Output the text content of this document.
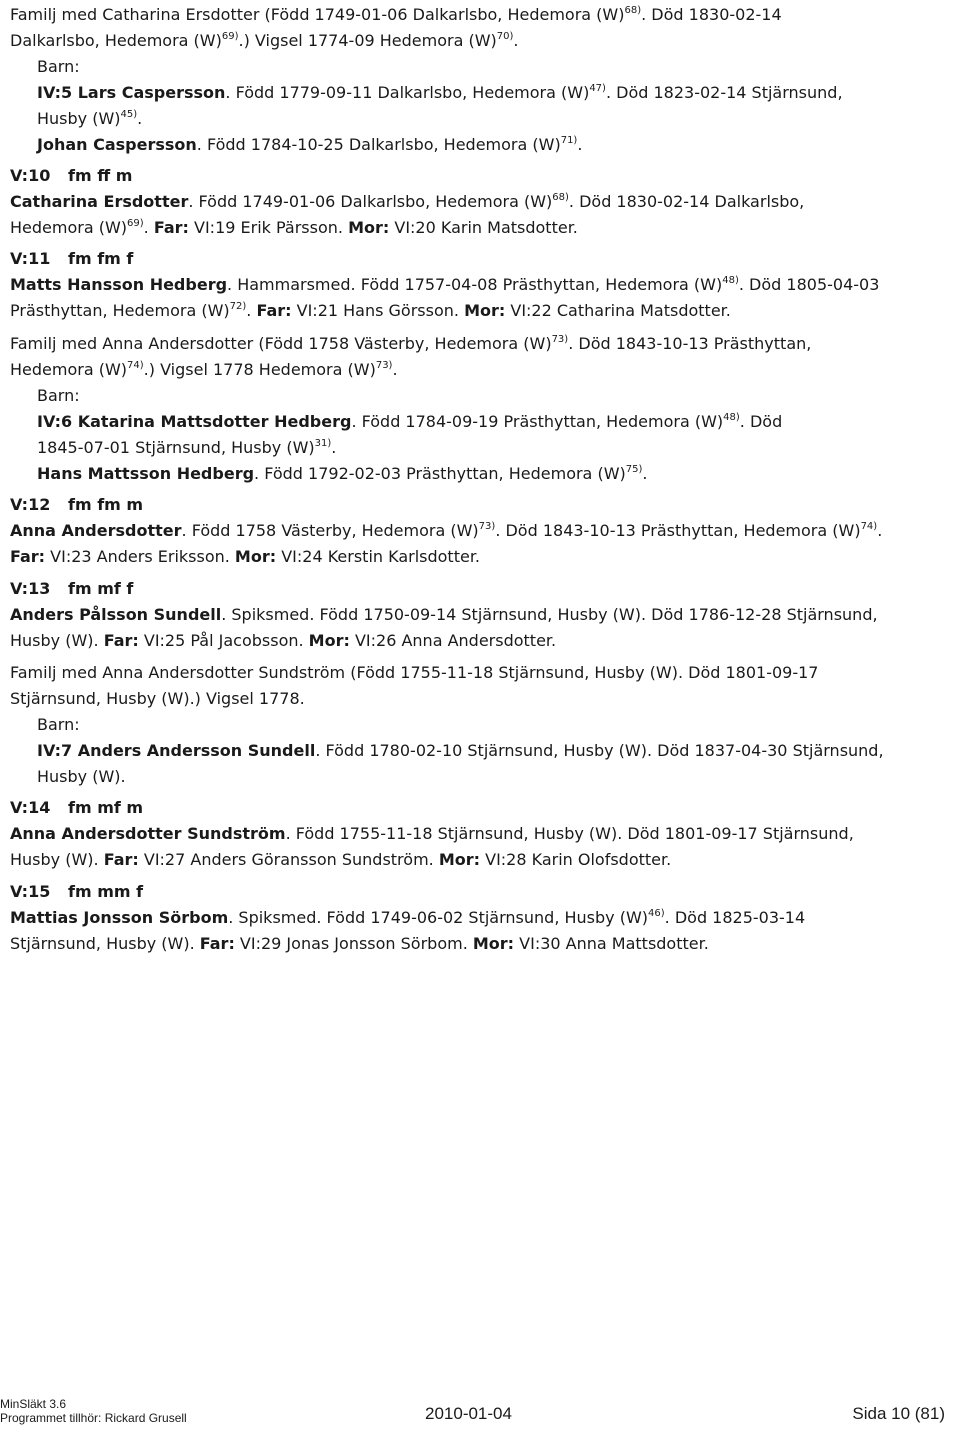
Familj med Catharina Ersdotter (Född 1749-01-06 Dalkarlsbo, Hedemora $(W)^{68)}$. Död 1830-02-14
Dalkarlsbo, Hedemora $(W)^{69)}$.) Vigsel 1774-09 Hedemora $(W)^{70)}$.
Barn:
IV:5 Lars Caspersson. Född 1779-09-11 Dalkarlsbo, Hedemora $(W)^{47)}$. Död 1823-02-14 Stjärnsund,
Husby $(W)^{45)}$.
Johan Caspersson. Född 1784-10-25 Dalkarlsbo, Hedemora $(W)^{71)}$.
V:10 fm ff m
Catharina Ersdotter. Född 1749-01-06 Dalkarlsbo, Hedemora $(W)^{68)}$. Död 1830-02-14 Dalkarlsbo,
Hedemora $(W)^{69)}$. Far: VI:19 Erik Pärsson. Mor: VI:20 Karin Matsdotter.
V:11 fm fm f
Matts Hansson Hedberg. Hammarsmed. Född 1757-04-08 Prästhyttan, Hedemora $(W)^{48)}$. Död 1805-04-03
Prästhyttan, Hedemora $(W)^{72)}$. Far: VI:21 Hans Görsson. Mor: VI:22 Catharina Matsdotter.
Familj med Anna Andersdotter (Född 1758 Västerby, Hedemora $(W)^{73)}$. Död 1843-10-13 Prästhyttan,
Hedemora $(W)^{74)}$.) Vigsel 1778 Hedemora $(W)^{73)}$.
Barn:
IV:6 Katarina Mattsdotter Hedberg. Född 1784-09-19 Prästhyttan, Hedemora $(W)^{48)}$. Död
1845-07-01 Stjärnsund, Husby $(W)^{31)}$.
Hans Mattsson Hedberg. Född 1792-02-03 Prästhyttan, Hedemora $(W)^{75)}$.
V:12 fm fm m
Anna Andersdotter. Född 1758 Västerby, Hedemora $(W)^{73)}$. Död 1843-10-13 Prästhyttan, Hedemora $(W)^{74)}$.
Far: VI:23 Anders Eriksson. Mor: VI:24 Kerstin Karlsdotter.
V:13 fm mf f
Anders Pålsson Sundell. Spiksmed. Född 1750-09-14 Stjärnsund, Husby (W). Död 1786-12-28 Stjärnsund,
Husby (W). Far: VI:25 Pål Jacobsson. Mor: VI:26 Anna Andersdotter.
Familj med Anna Andersdotter Sundström (Född 1755-11-18 Stjärnsund, Husby (W). Död 1801-09-17
Stjärnsund, Husby (W).) Vigsel 1778.
Barn:
IV:7 Anders Andersson Sundell. Född 1780-02-10 Stjärnsund, Husby (W). Död 1837-04-30 Stjärnsund,
Husby (W).
V:14 fm mf m
Anna Andersdotter Sundström. Född 1755-11-18 Stjärnsund, Husby (W). Död 1801-09-17 Stjärnsund,
Husby (W). Far: VI:27 Anders Göransson Sundström. Mor: VI:28 Karin Olofsdotter.
V:15 fm mm f
Mattias Jonsson Sörbom. Spiksmed. Född 1749-06-02 Stjärnsund, Husby $(W)^{46)}$. Död 1825-03-14
Stjärnsund, Husby (W). Far: VI:29 Jonas Jonsson Sörbom. Mor: VI:30 Anna Mattsdotter.
MinSläkt 3.6
Programmet tillhör: Rickard Grusell	2010-01-04	Sida 10 (81)
